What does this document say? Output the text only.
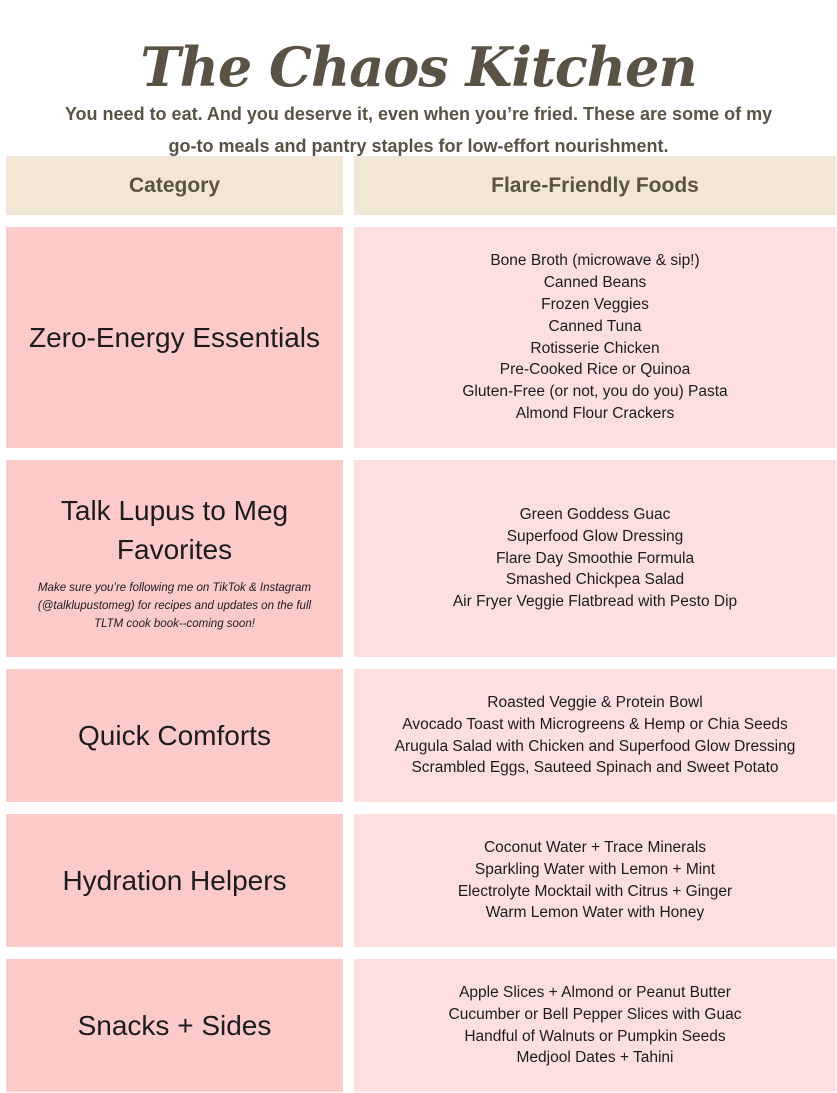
The Chaos Kitchen
You need to eat. And you deserve it, even when you’re fried. These are some of my
go-to meals and pantry staples for low-effort nourishment.
Category	Flare-Friendly Foods
Zero-Energy Essentials
Bone Broth (microwave & sip!)
Canned Beans
Frozen Veggies
Canned Tuna
Rotisserie Chicken
Pre-Cooked Rice or Quinoa
Gluten-Free (or not, you do you) Pasta
Almond Flour Crackers
Talk Lupus to Meg Favorites
Make sure you’re following me on TikTok & Instagram (@talklupustomeg) for recipes and updates on the full TLTM cook book--coming soon!
Green Goddess Guac
Superfood Glow Dressing
Flare Day Smoothie Formula
Smashed Chickpea Salad
Air Fryer Veggie Flatbread with Pesto Dip
Quick Comforts
Roasted Veggie & Protein Bowl
Avocado Toast with Microgreens & Hemp or Chia Seeds
Arugula Salad with Chicken and Superfood Glow Dressing
Scrambled Eggs, Sauteed Spinach and Sweet Potato
Hydration Helpers
Coconut Water + Trace Minerals
Sparkling Water with Lemon + Mint
Electrolyte Mocktail with Citrus + Ginger
Warm Lemon Water with Honey
Snacks + Sides
Apple Slices + Almond or Peanut Butter
Cucumber or Bell Pepper Slices with Guac
Handful of Walnuts or Pumpkin Seeds
Medjool Dates + Tahini
